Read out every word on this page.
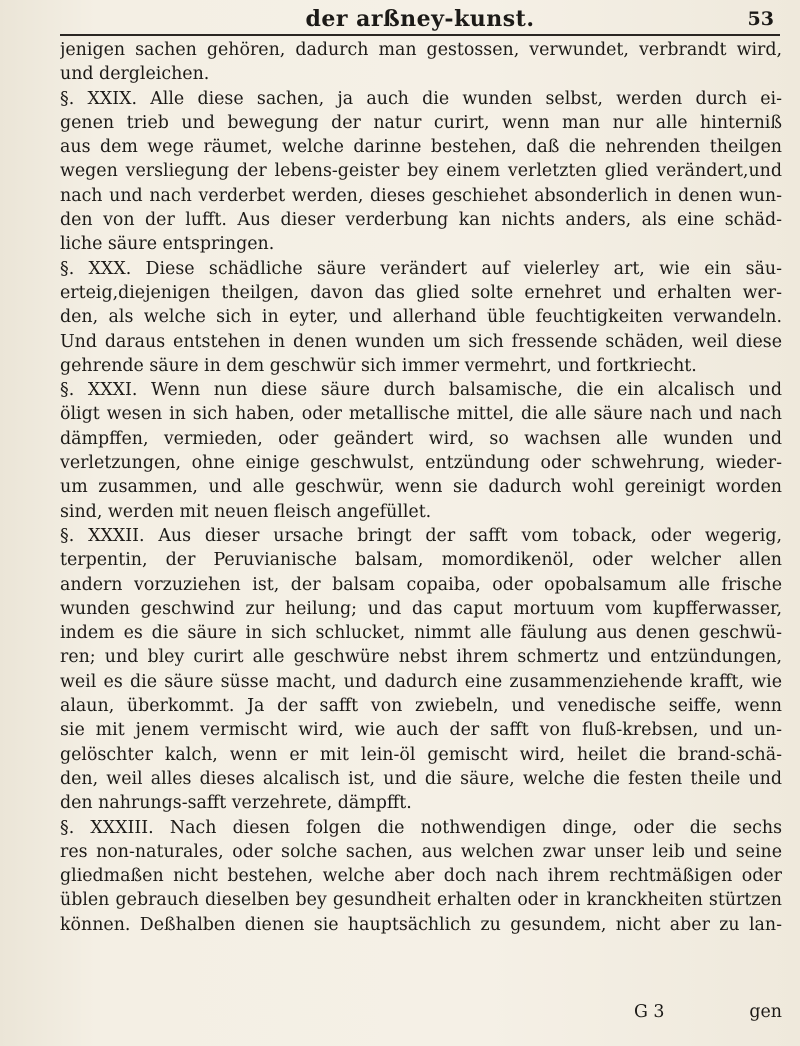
der arßney-kunst.	53
jenigen sachen gehören, dadurch man gestossen, verwundet, verbrandt wird,
und dergleichen.
§. XXIX. Alle diese sachen, ja auch die wunden selbst, werden durch ei-
genen trieb und bewegung der natur curirt, wenn man nur alle hinterniß
aus dem wege räumet, welche darinne bestehen, daß die nehrenden theilgen
wegen versliegung der lebens-geister bey einem verletzten glied verändert,und
nach und nach verderbet werden, dieses geschiehet absonderlich in denen wun-
den von der lufft. Aus dieser verderbung kan nichts anders, als eine schäd-
liche säure entspringen.
§. XXX. Diese schädliche säure verändert auf vielerley art, wie ein säu-
erteig,diejenigen theilgen, davon das glied solte ernehret und erhalten wer-
den, als welche sich in eyter, und allerhand üble feuchtigkeiten verwandeln.
Und daraus entstehen in denen wunden um sich fressende schäden, weil diese
gehrende säure in dem geschwür sich immer vermehrt, und fortkriecht.
§. XXXI. Wenn nun diese säure durch balsamische, die ein alcalisch und
öligt wesen in sich haben, oder metallische mittel, die alle säure nach und nach
dämpffen, vermieden, oder geändert wird, so wachsen alle wunden und
verletzungen, ohne einige geschwulst, entzündung oder schwehrung, wieder-
um zusammen, und alle geschwür, wenn sie dadurch wohl gereinigt worden
sind, werden mit neuen fleisch angefüllet.
§. XXXII. Aus dieser ursache bringt der safft vom toback, oder wegerig,
terpentin, der Peruvianische balsam, momordikenöl, oder welcher allen
andern vorzuziehen ist, der balsam copaiba, oder opobalsamum alle frische
wunden geschwind zur heilung; und das caput mortuum vom kupfferwasser,
indem es die säure in sich schlucket, nimmt alle fäulung aus denen geschwü-
ren; und bley curirt alle geschwüre nebst ihrem schmertz und entzündungen,
weil es die säure süsse macht, und dadurch eine zusammenziehende krafft, wie
alaun, überkommt. Ja der safft von zwiebeln, und venedische seiffe, wenn
sie mit jenem vermischt wird, wie auch der safft von fluß-krebsen, und un-
gelöschter kalch, wenn er mit lein-öl gemischt wird, heilet die brand-schä-
den, weil alles dieses alcalisch ist, und die säure, welche die festen theile und
den nahrungs-safft verzehrete, dämpfft.
§. XXXIII. Nach diesen folgen die nothwendigen dinge, oder die sechs
res non-naturales, oder solche sachen, aus welchen zwar unser leib und seine
gliedmaßen nicht bestehen, welche aber doch nach ihrem rechtmäßigen oder
üblen gebrauch dieselben bey gesundheit erhalten oder in kranckheiten stürtzen
können. Deßhalben dienen sie hauptsächlich zu gesundem, nicht aber zu lan-
G 3	gen
